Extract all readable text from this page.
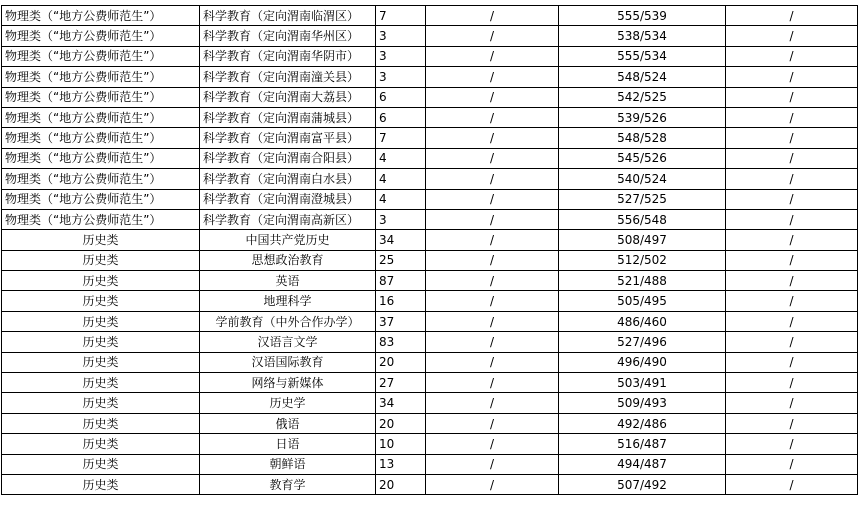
物理类（“地方公费师范生”）	科学教育（定向渭南临渭区）	7	/	555/539	/
物理类（“地方公费师范生”）	科学教育（定向渭南华州区）	3	/	538/534	/
物理类（“地方公费师范生”）	科学教育（定向渭南华阴市）	3	/	555/534	/
物理类（“地方公费师范生”）	科学教育（定向渭南潼关县）	3	/	548/524	/
物理类（“地方公费师范生”）	科学教育（定向渭南大荔县）	6	/	542/525	/
物理类（“地方公费师范生”）	科学教育（定向渭南蒲城县）	6	/	539/526	/
物理类（“地方公费师范生”）	科学教育（定向渭南富平县）	7	/	548/528	/
物理类（“地方公费师范生”）	科学教育（定向渭南合阳县）	4	/	545/526	/
物理类（“地方公费师范生”）	科学教育（定向渭南白水县）	4	/	540/524	/
物理类（“地方公费师范生”）	科学教育（定向渭南澄城县）	4	/	527/525	/
物理类（“地方公费师范生”）	科学教育（定向渭南高新区）	3	/	556/548	/
历史类	中国共产党历史	34	/	508/497	/
历史类	思想政治教育	25	/	512/502	/
历史类	英语	87	/	521/488	/
历史类	地理科学	16	/	505/495	/
历史类	学前教育（中外合作办学）	37	/	486/460	/
历史类	汉语言文学	83	/	527/496	/
历史类	汉语国际教育	20	/	496/490	/
历史类	网络与新媒体	27	/	503/491	/
历史类	历史学	34	/	509/493	/
历史类	俄语	20	/	492/486	/
历史类	日语	10	/	516/487	/
历史类	朝鲜语	13	/	494/487	/
历史类	教育学	20	/	507/492	/
